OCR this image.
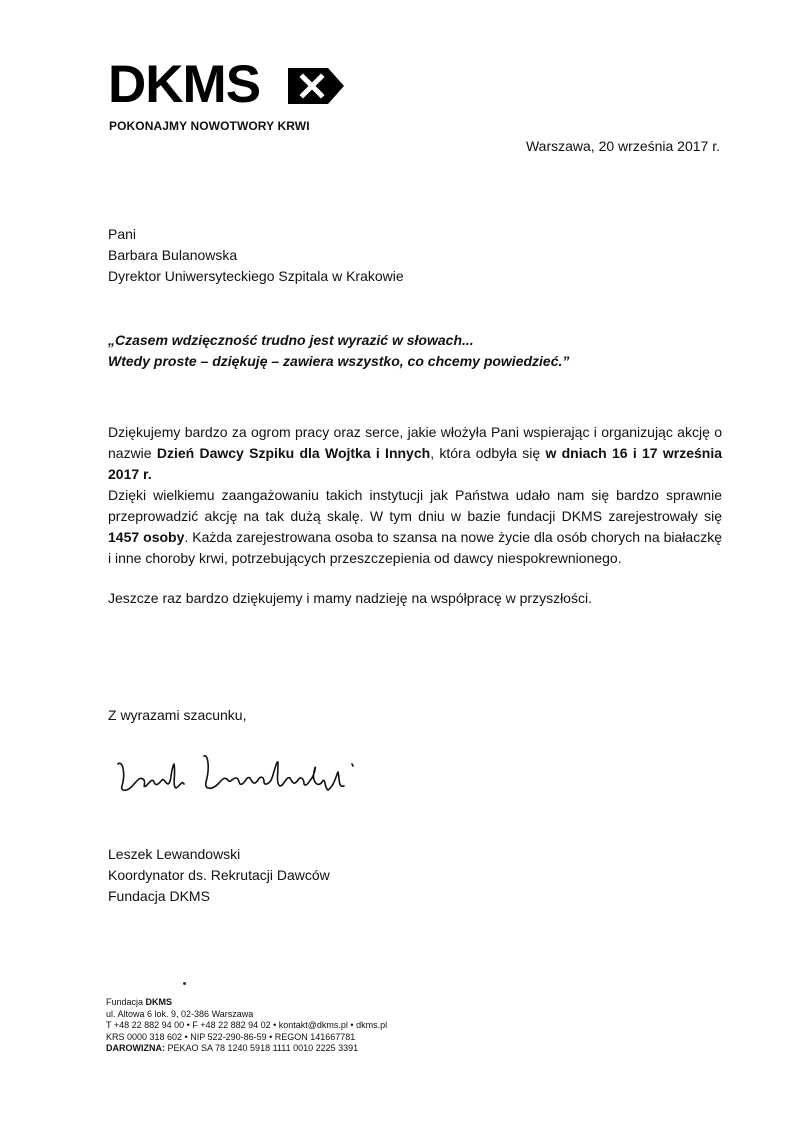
DKMS
POKONAJMY NOWOTWORY KRWI
Warszawa, 20 września 2017 r.
Pani
Barbara Bulanowska
Dyrektor Uniwersyteckiego Szpitala w Krakowie
„Czasem wdzięczność trudno jest wyrazić w słowach...
Wtedy proste – dziękuję – zawiera wszystko, co chcemy powiedzieć.”

Dziękujemy bardzo za ogrom pracy oraz serce, jakie włożyła Pani wspierając i organizując akcję o nazwie Dzień Dawcy Szpiku dla Wojtka i Innych, która odbyła się w dniach 16 i 17 września 2017 r.

Dzięki wielkiemu zaangażowaniu takich instytucji jak Państwa udało nam się bardzo sprawnie przeprowadzić akcję na tak dużą skalę. W tym dniu w bazie fundacji DKMS zarejestrowały się 1457 osoby. Każda zarejestrowana osoba to szansa na nowe życie dla osób chorych na białaczkę i inne choroby krwi, potrzebujących przeszczepienia od dawcy niespokrewnionego.

Jeszcze raz bardzo dziękujemy i mamy nadzieję na współpracę w przyszłości.

Z wyrazami szacunku,
Leszek Lewandowski
Koordynator ds. Rekrutacji Dawców
Fundacja DKMS
Fundacja DKMS
ul. Altowa 6 lok. 9, 02-386 Warszawa
T +48 22 882 94 00 • F +48 22 882 94 02 • kontakt@dkms.pl • dkms.pl
KRS 0000 318 602 • NIP 522-290-86-59 • REGON 141667781
DAROWIZNA: PEKAO SA 78 1240 5918 1111 0010 2225 3391
